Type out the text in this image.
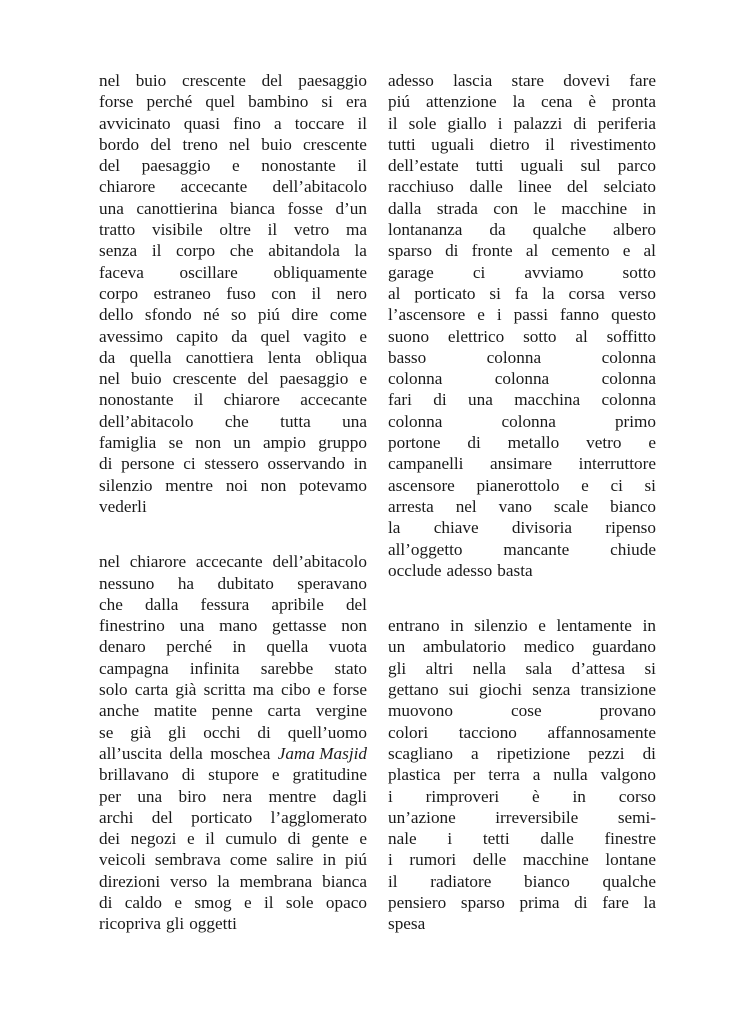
nel buio crescente del paesaggio
forse perché quel bambino si era
avvicinato quasi fino a toccare il
bordo del treno nel buio crescente
del paesaggio e nonostante il
chiarore accecante dell’abitacolo
una canottierina bianca fosse d’un
tratto visibile oltre il vetro ma
senza il corpo che abitandola la
faceva oscillare obliquamente
corpo estraneo fuso con il nero
dello sfondo né so piú dire come
avessimo capito da quel vagito e
da quella canottiera lenta obliqua
nel buio crescente del paesaggio e
nonostante il chiarore accecante
dell’abitacolo che tutta una
famiglia se non un ampio gruppo
di persone ci stessero osservando in
silenzio mentre noi non potevamo
vederli
nel chiarore accecante dell’abitacolo
nessuno ha dubitato speravano
che dalla fessura apribile del
finestrino una mano gettasse non
denaro perché in quella vuota
campagna infinita sarebbe stato
solo carta già scritta ma cibo e forse
anche matite penne carta vergine
se già gli occhi di quell’uomo
all’uscita della moschea Jama Masjid
brillavano di stupore e gratitudine
per una biro nera mentre dagli
archi del porticato l’agglomerato
dei negozi e il cumulo di gente e
veicoli sembrava come salire in piú
direzioni verso la membrana bianca
di caldo e smog e il sole opaco
ricopriva gli oggetti
adesso lascia stare dovevi fare
piú attenzione la cena è pronta
il sole giallo i palazzi di periferia
tutti uguali dietro il rivestimento
dell’estate tutti uguali sul parco
racchiuso dalle linee del selciato
dalla strada con le macchine in
lontananza da qualche albero
sparso di fronte al cemento e al
garage ci avviamo sotto
al porticato si fa la corsa verso
l’ascensore e i passi fanno questo
suono elettrico sotto al soffitto
basso	colonna	colonna
colonna	colonna	colonna
fari di una macchina colonna
colonna	colonna	primo
portone di metallo vetro e
campanelli ansimare interruttore
ascensore pianerottolo e ci si
arresta nel vano scale bianco
la chiave divisoria ripenso
all’oggetto mancante chiude
occlude adesso basta
entrano in silenzio e lentamente in
un ambulatorio medico guardano
gli altri nella sala d’attesa si
gettano sui giochi senza transizione
muovono	cose	provano
colori tacciono affannosamente
scagliano a ripetizione pezzi di
plastica per terra a nulla valgono
i rimproveri è in corso
un’azione irreversibile semi-
nale i tetti dalle finestre
i rumori delle macchine lontane
il radiatore bianco qualche
pensiero sparso prima di fare la
spesa
